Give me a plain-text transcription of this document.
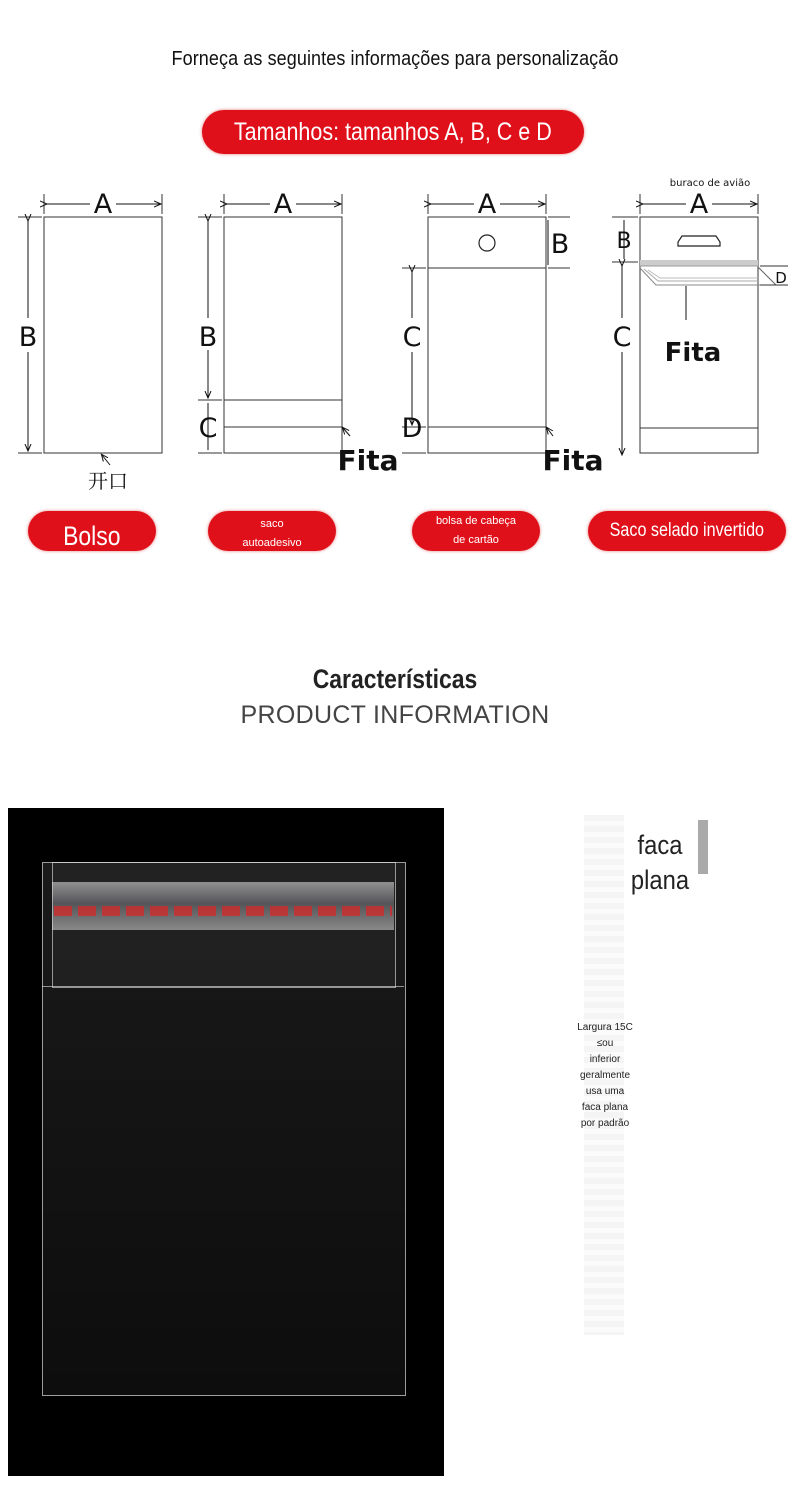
Forneça as seguintes informações para personalização
Tamanhos: tamanhos A, B, C e D
A
B
开口
A
B
C
Fita
A
B
C
D
Fita
buraco de avião
D
Fita
A
B
C
Bolso	saco
autoadesivo
bolsa de cabeça
de cartão	Saco selado invertido
Características
PRODUCT INFORMATION
faca
plana
Largura 15C
≤ou
inferior
geralmente
usa uma
faca plana
por padrão
